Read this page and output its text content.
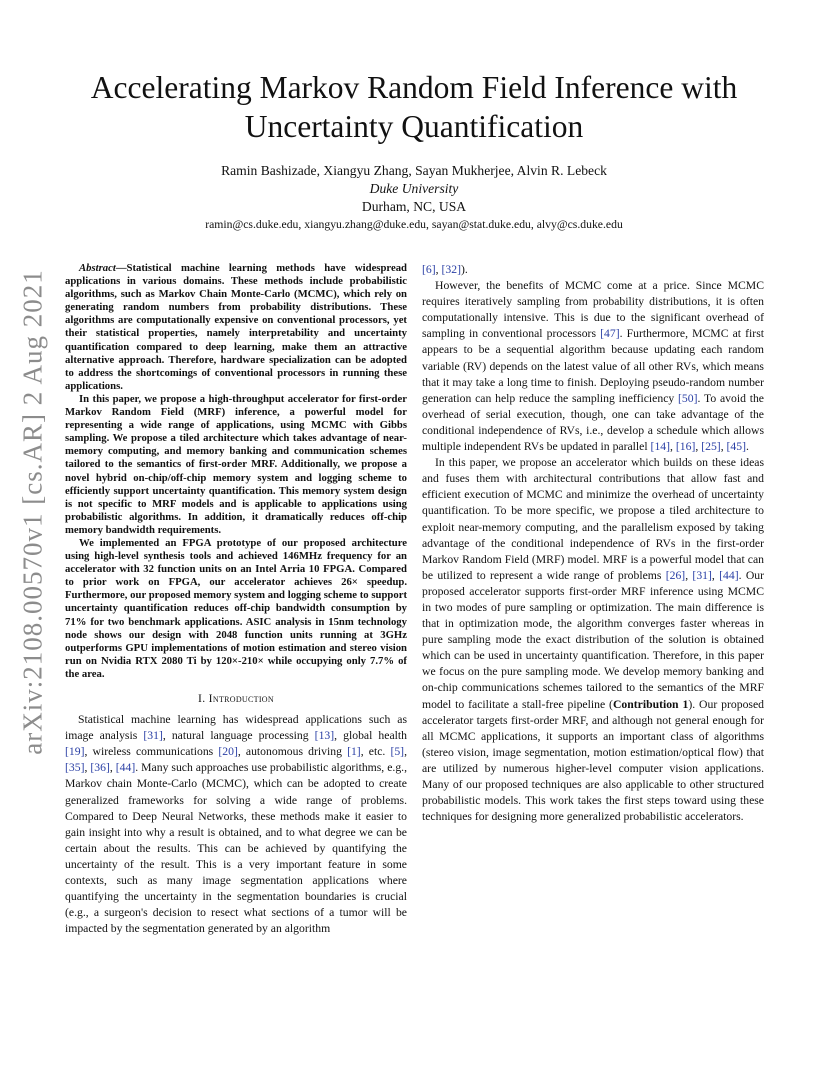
arXiv:2108.00570v1 [cs.AR] 2 Aug 2021
Accelerating Markov Random Field Inference with
Uncertainty Quantification
Ramin Bashizade, Xiangyu Zhang, Sayan Mukherjee, Alvin R. Lebeck
Duke University
Durham, NC, USA
ramin@cs.duke.edu, xiangyu.zhang@duke.edu, sayan@stat.duke.edu, alvy@cs.duke.edu

Abstract—Statistical machine learning methods have widespread applications in various domains. These methods include probabilistic algorithms, such as Markov Chain Monte-Carlo (MCMC), which rely on generating random numbers from probability distributions. These algorithms are computationally expensive on conventional processors, yet their statistical properties, namely interpretability and uncertainty quantification compared to deep learning, make them an attractive alternative approach. Therefore, hardware specialization can be adopted to address the shortcomings of conventional processors in running these applications.

In this paper, we propose a high-throughput accelerator for first-order Markov Random Field (MRF) inference, a powerful model for representing a wide range of applications, using MCMC with Gibbs sampling. We propose a tiled architecture which takes advantage of near-memory computing, and memory banking and communication schemes tailored to the semantics of first-order MRF. Additionally, we propose a novel hybrid on-chip/off-chip memory system and logging scheme to efficiently support uncertainty quantification. This memory system design is not specific to MRF models and is applicable to applications using probabilistic algorithms. In addition, it dramatically reduces off-chip memory bandwidth requirements.

We implemented an FPGA prototype of our proposed architecture using high-level synthesis tools and achieved 146MHz frequency for an accelerator with 32 function units on an Intel Arria 10 FPGA. Compared to prior work on FPGA, our accelerator achieves 26× speedup. Furthermore, our proposed memory system and logging scheme to support uncertainty quantification reduces off-chip bandwidth consumption by 71% for two benchmark applications. ASIC analysis in 15nm technology node shows our design with 2048 function units running at 3GHz outperforms GPU implementations of motion estimation and stereo vision run on Nvidia RTX 2080 Ti by 120×-210× while occupying only 7.7% of the area.

I. Introduction

Statistical machine learning has widespread applications such as image analysis [31], natural language processing [13], global health [19], wireless communications [20], autonomous driving [1], etc. [5], [35], [36], [44]. Many such approaches use probabilistic algorithms, e.g., Markov chain Monte-Carlo (MCMC), which can be adopted to create generalized frameworks for solving a wide range of problems. Compared to Deep Neural Networks, these methods make it easier to gain insight into why a result is obtained, and to what degree we can be certain about the results. This can be achieved by quantifying the uncertainty of the result. This is a very important feature in some contexts, such as many image segmentation applications where quantifying the uncertainty in the segmentation boundaries is crucial (e.g., a surgeon's decision to resect what sections of a tumor will be impacted by the segmentation generated by an algorithm

[6], [32]).

However, the benefits of MCMC come at a price. Since MCMC requires iteratively sampling from probability distributions, it is often computationally intensive. This is due to the significant overhead of sampling in conventional processors [47]. Furthermore, MCMC at first appears to be a sequential algorithm because updating each random variable (RV) depends on the latest value of all other RVs, which means that it may take a long time to finish. Deploying pseudo-random number generation can help reduce the sampling inefficiency [50]. To avoid the overhead of serial execution, though, one can take advantage of the conditional independence of RVs, i.e., develop a schedule which allows multiple independent RVs be updated in parallel [14], [16], [25], [45].

In this paper, we propose an accelerator which builds on these ideas and fuses them with architectural contributions that allow fast and efficient execution of MCMC and minimize the overhead of uncertainty quantification. To be more specific, we propose a tiled architecture to exploit near-memory computing, and the parallelism exposed by taking advantage of the conditional independence of RVs in the first-order Markov Random Field (MRF) model. MRF is a powerful model that can be utilized to represent a wide range of problems [26], [31], [44]. Our proposed accelerator supports first-order MRF inference using MCMC in two modes of pure sampling or optimization. The main difference is that in optimization mode, the algorithm converges faster whereas in pure sampling mode the exact distribution of the solution is obtained which can be used in uncertainty quantification. Therefore, in this paper we focus on the pure sampling mode. We develop memory banking and on-chip communications schemes tailored to the semantics of the MRF model to facilitate a stall-free pipeline (Contribution 1). Our proposed accelerator targets first-order MRF, and although not general enough for all MCMC applications, it supports an important class of algorithms (stereo vision, image segmentation, motion estimation/optical flow) that are utilized by numerous higher-level computer vision applications. Many of our proposed techniques are also applicable to other structured probabilistic models. This work takes the first steps toward using these techniques for designing more generalized probabilistic accelerators.
